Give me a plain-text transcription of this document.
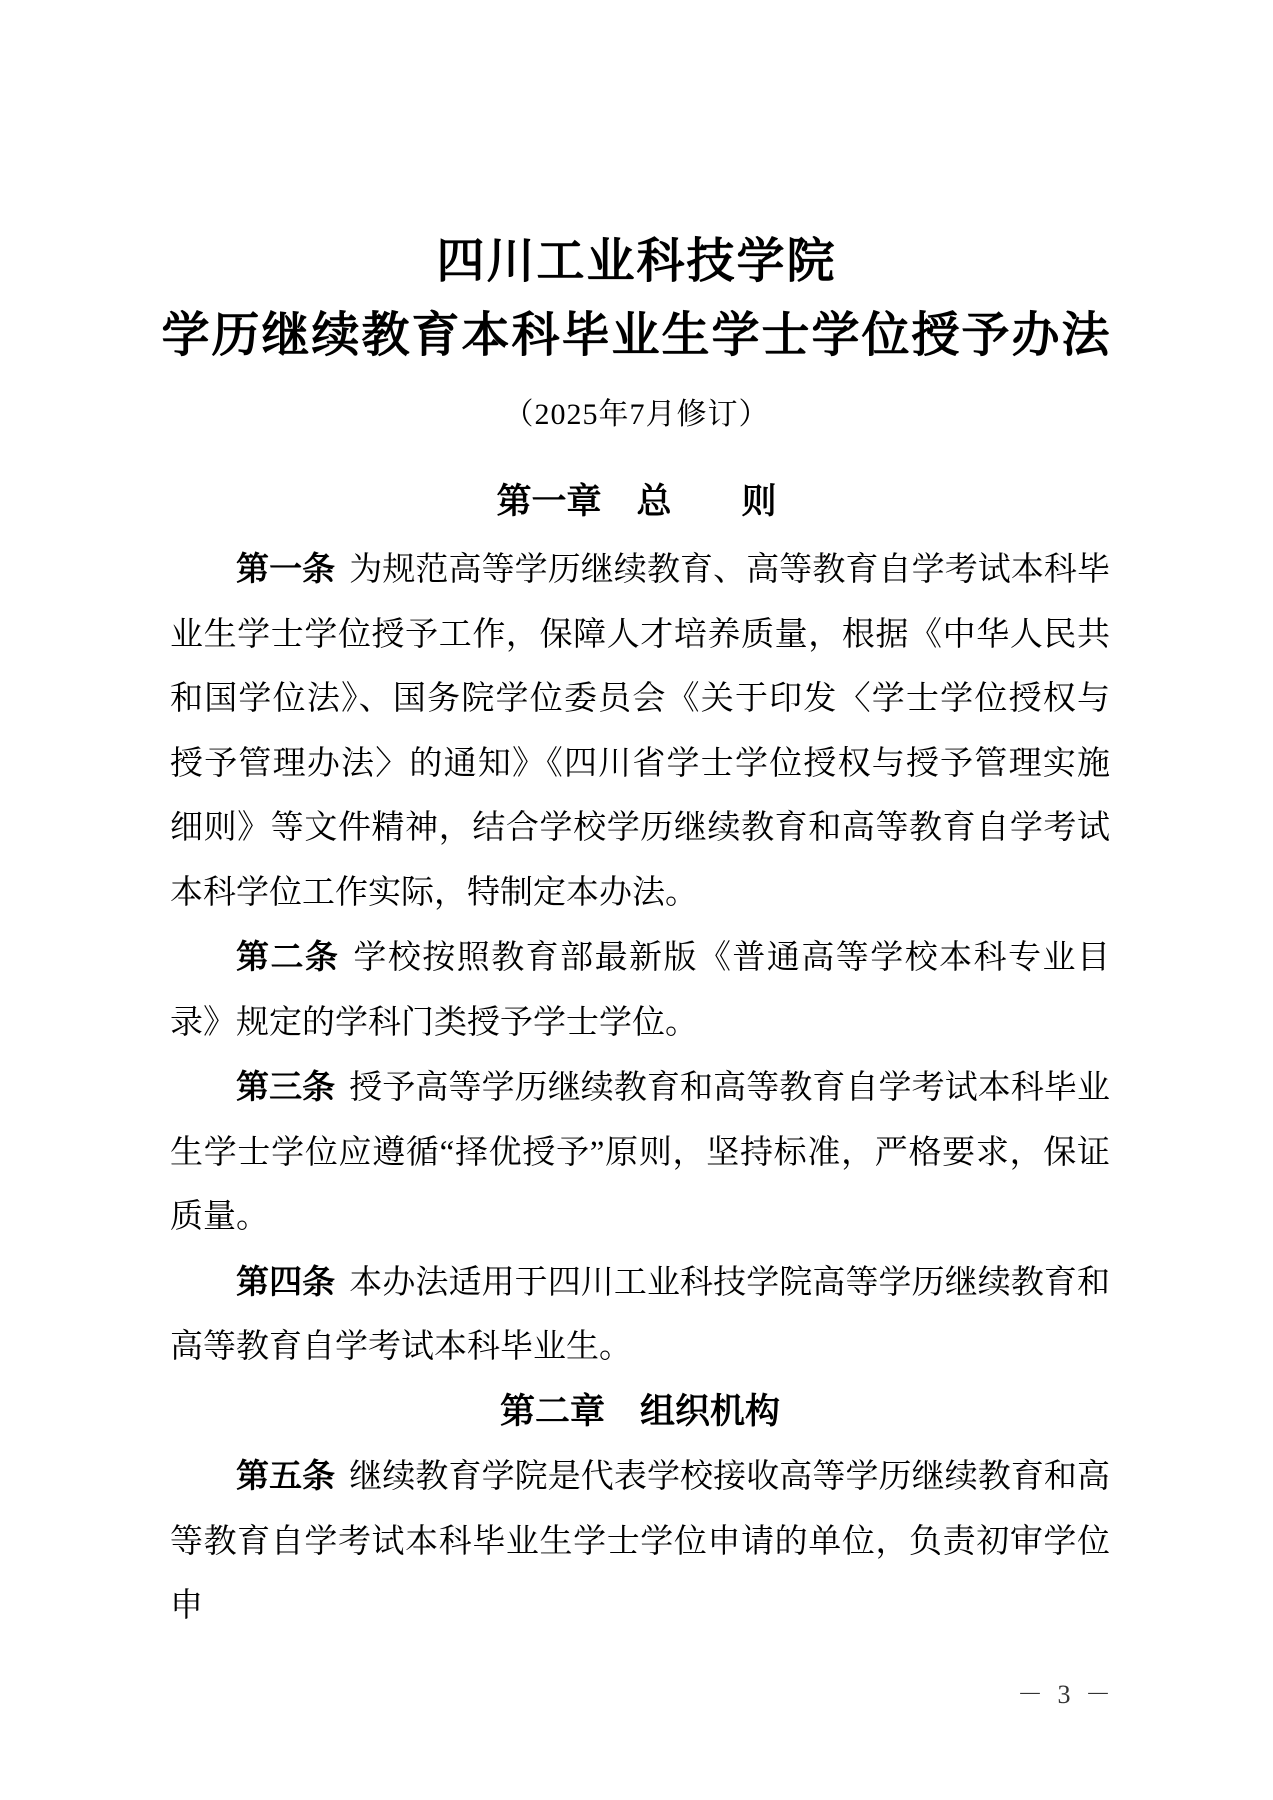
四川工业科技学院
学历继续教育本科毕业生学士学位授予办法
（2025年7月修订）
第一章　总　　则

第一条 为规范高等学历继续教育、高等教育自学考试本科毕业生学士学位授予工作，保障人才培养质量，根据《中华人民共和国学位法》、国务院学位委员会《关于印发〈学士学位授权与授予管理办法〉的通知》《四川省学士学位授权与授予管理实施细则》等文件精神，结合学校学历继续教育和高等教育自学考试本科学位工作实际，特制定本办法。

第二条 学校按照教育部最新版《普通高等学校本科专业目录》规定的学科门类授予学士学位。

第三条 授予高等学历继续教育和高等教育自学考试本科毕业生学士学位应遵循“择优授予”原则，坚持标准，严格要求，保证质量。

第四条 本办法适用于四川工业科技学院高等学历继续教育和高等教育自学考试本科毕业生。

第二章　组织机构

第五条 继续教育学院是代表学校接收高等学历继续教育和高等教育自学考试本科毕业生学士学位申请的单位，负责初审学位申

－ 3 －
